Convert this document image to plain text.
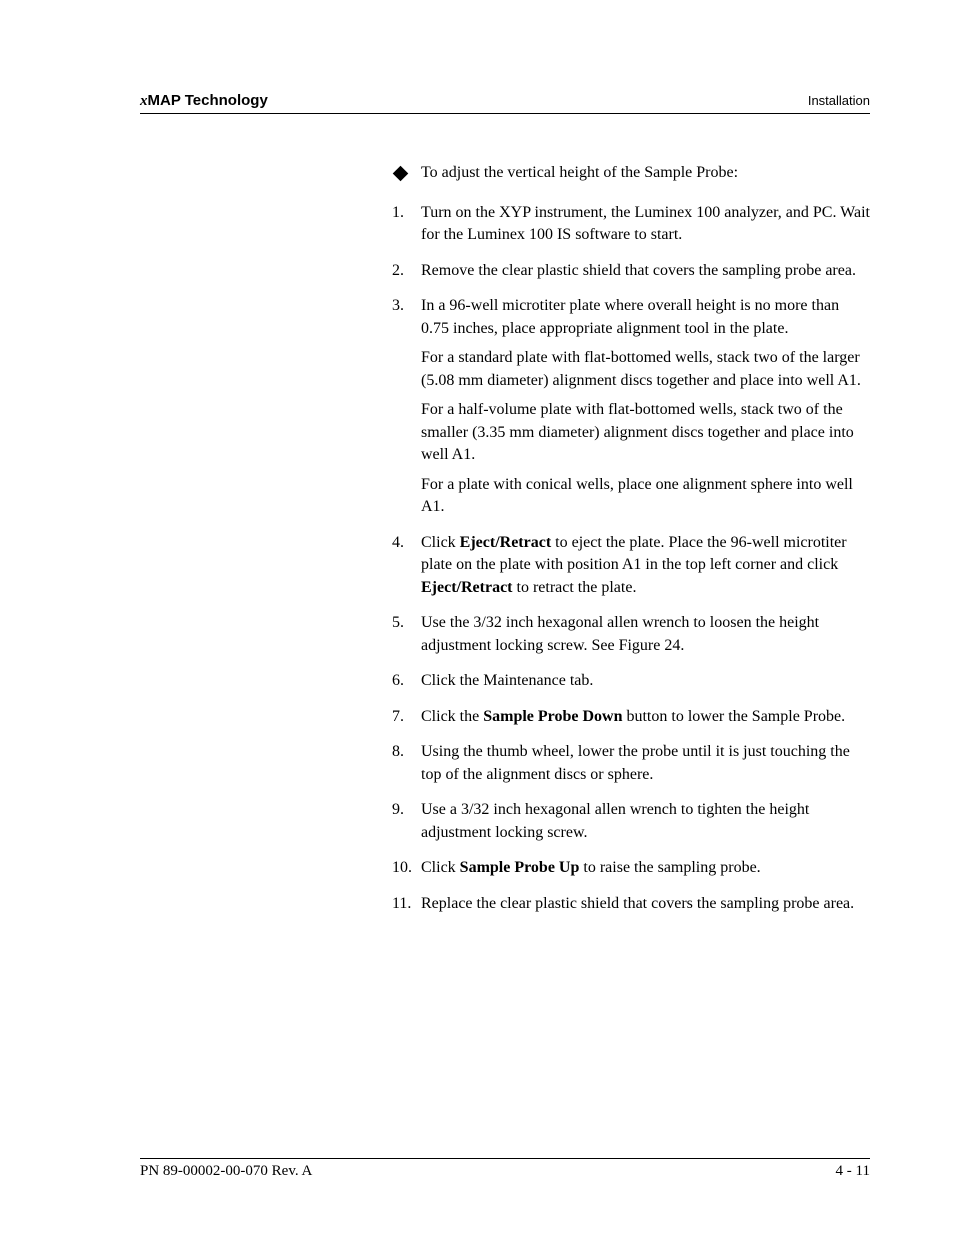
xMAP Technology	Installation
To adjust the vertical height of the Sample Probe:
1. Turn on the XYP instrument, the Luminex 100 analyzer, and PC. Wait for the Luminex 100 IS software to start.

2. Remove the clear plastic shield that covers the sampling probe area.

3. In a 96-well microtiter plate where overall height is no more than 0.75 inches, place appropriate alignment tool in the plate.

For a standard plate with flat-bottomed wells, stack two of the larger (5.08 mm diameter) alignment discs together and place into well A1.

For a half-volume plate with flat-bottomed wells, stack two of the smaller (3.35 mm diameter) alignment discs together and place into well A1.

For a plate with conical wells, place one alignment sphere into well A1.

4. Click Eject/Retract to eject the plate. Place the 96-well microtiter plate on the plate with position A1 in the top left corner and click Eject/Retract to retract the plate.

5. Use the 3/32 inch hexagonal allen wrench to loosen the height adjustment locking screw. See Figure 24.

6. Click the Maintenance tab.

7. Click the Sample Probe Down button to lower the Sample Probe.

8. Using the thumb wheel, lower the probe until it is just touching the top of the alignment discs or sphere.

9. Use a 3/32 inch hexagonal allen wrench to tighten the height adjustment locking screw.

10. Click Sample Probe Up to raise the sampling probe.

11. Replace the clear plastic shield that covers the sampling probe area.

PN 89-00002-00-070 Rev. A	4 - 11
